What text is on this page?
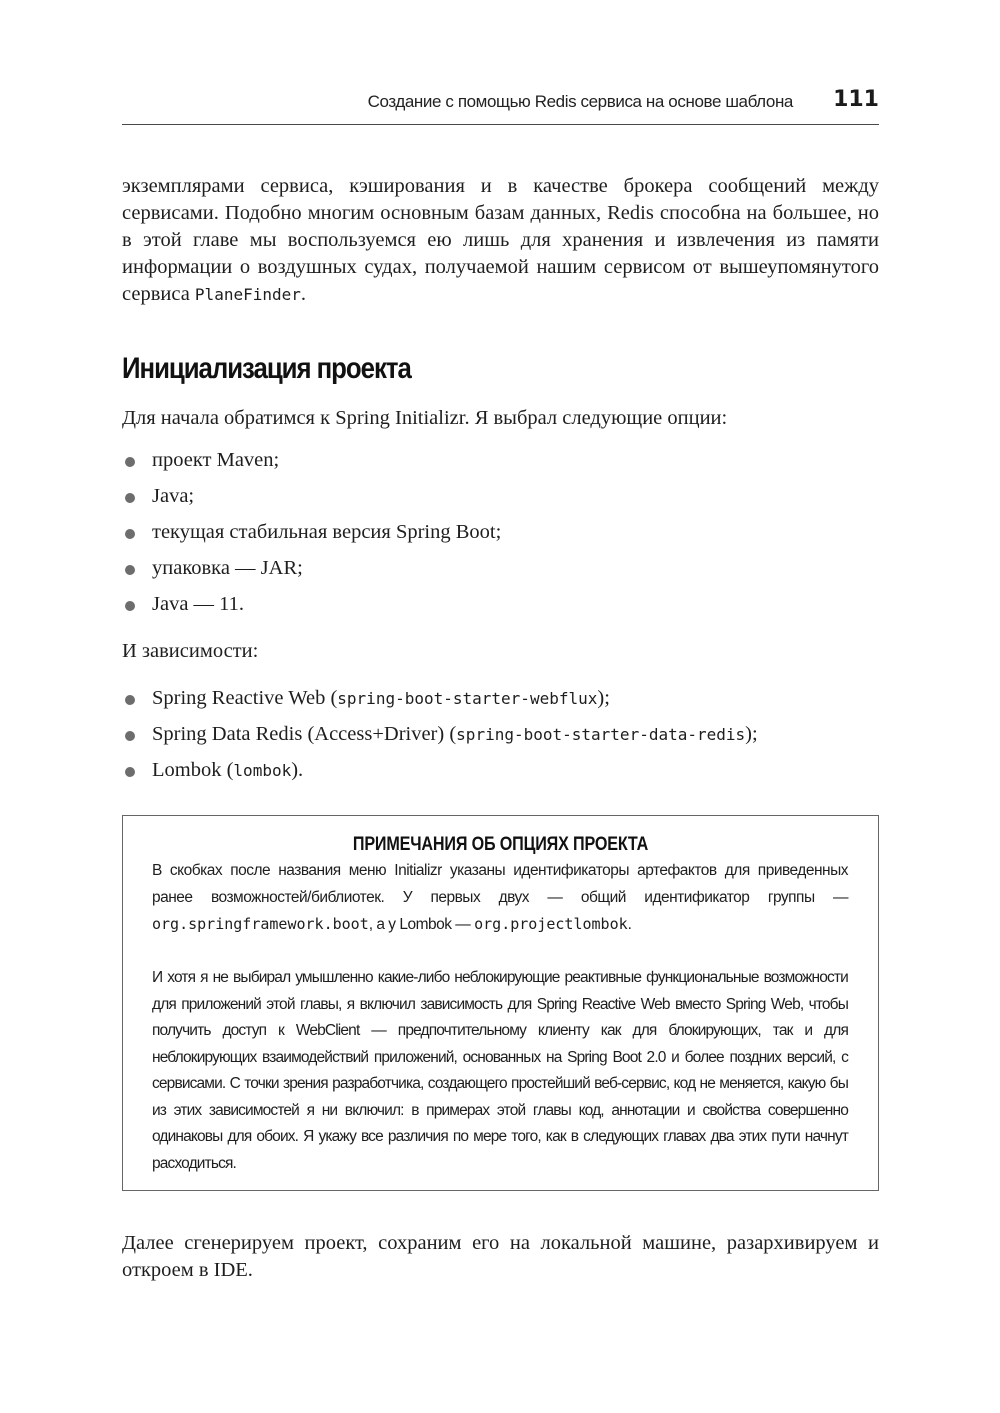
Создание с помощью Redis сервиса на основе шаблона 111

экземплярами сервиса, кэширования и в качестве брокера сообщений между сервисами. Подобно многим основным базам данных, Redis способна на большее, но в этой главе мы воспользуемся ею лишь для хранения и извлечения из памяти информации о воздушных судах, получаемой нашим сервисом от вышеупомянутого сервиса PlaneFinder.

Инициализация проекта

Для начала обратимся к Spring Initializr. Я выбрал следующие опции:

проект Maven;
Java;
текущая стабильная версия Spring Boot;
упаковка — JAR;
Java — 11.

И зависимости:

Spring Reactive Web (spring-boot-starter-webflux);
Spring Data Redis (Access+Driver) (spring-boot-starter-data-redis);
Lombok (lombok).

ПРИМЕЧАНИЯ ОБ ОПЦИЯХ ПРОЕКТА

В скобках после названия меню Initializr указаны идентификаторы артефактов для приведенных ранее возможностей/библиотек. У первых двух — общий идентификатор группы — org.springframework.boot, а у Lombok — org.projectlombok.

И хотя я не выбирал умышленно какие-либо неблокирующие реактивные функциональные возможности для приложений этой главы, я включил зависимость для Spring Reactive Web вместо Spring Web, чтобы получить доступ к WebClient — предпочтительному клиенту как для блокирующих, так и для неблокирующих взаимодействий приложений, основанных на Spring Boot 2.0 и более поздних версий, с сервисами. С точки зрения разработчика, создающего простейший веб-сервис, код не меняется, какую бы из этих зависимостей я ни включил: в примерах этой главы код, аннотации и свойства совершенно одинаковы для обоих. Я укажу все различия по мере того, как в следующих главах два этих пути начнут расходиться.

Далее сгенерируем проект, сохраним его на локальной машине, разархивируем и откроем в IDE.
